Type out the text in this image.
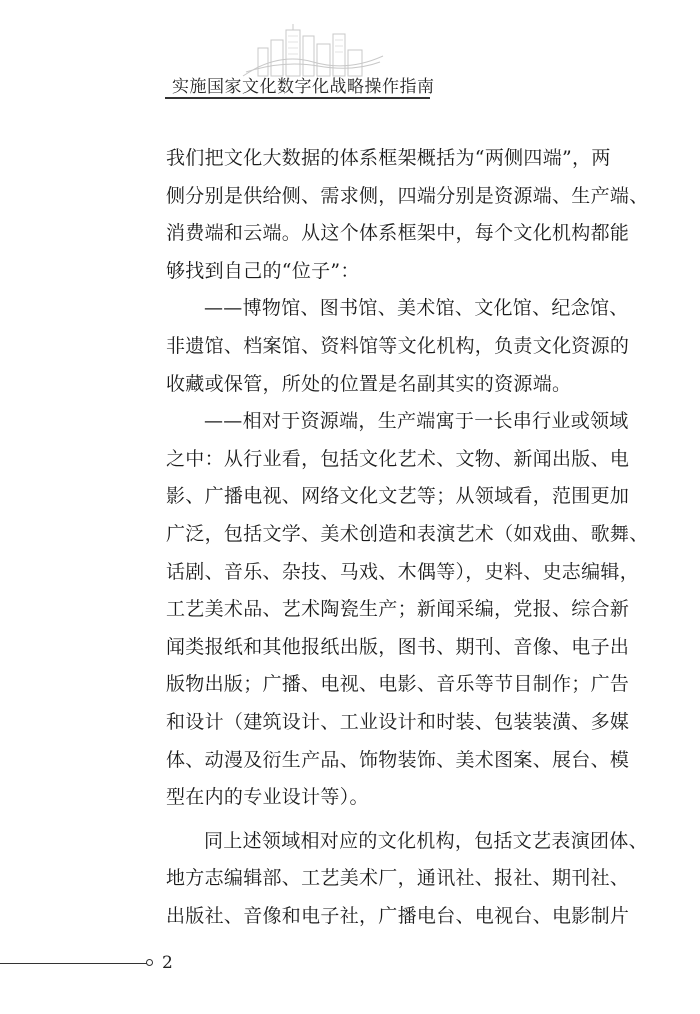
实施国家文化数字化战略操作指南
我们把文化大数据的体系框架概括为“两侧四端”，两
侧分别是供给侧、需求侧，四端分别是资源端、生产端、
消费端和云端。从这个体系框架中，每个文化机构都能
够找到自己的“位子”：
——博物馆、图书馆、美术馆、文化馆、纪念馆、
非遗馆、档案馆、资料馆等文化机构，负责文化资源的
收藏或保管，所处的位置是名副其实的资源端。
——相对于资源端，生产端寓于一长串行业或领域
之中：从行业看，包括文化艺术、文物、新闻出版、电
影、广播电视、网络文化文艺等；从领域看，范围更加
广泛，包括文学、美术创造和表演艺术（如戏曲、歌舞、
话剧、音乐、杂技、马戏、木偶等），史料、史志编辑，
工艺美术品、艺术陶瓷生产；新闻采编，党报、综合新
闻类报纸和其他报纸出版，图书、期刊、音像、电子出
版物出版；广播、电视、电影、音乐等节目制作；广告
和设计（建筑设计、工业设计和时装、包装装潢、多媒
体、动漫及衍生产品、饰物装饰、美术图案、展台、模
型在内的专业设计等）。
同上述领域相对应的文化机构，包括文艺表演团体、
地方志编辑部、工艺美术厂，通讯社、报社、期刊社、
出版社、音像和电子社，广播电台、电视台、电影制片
2
